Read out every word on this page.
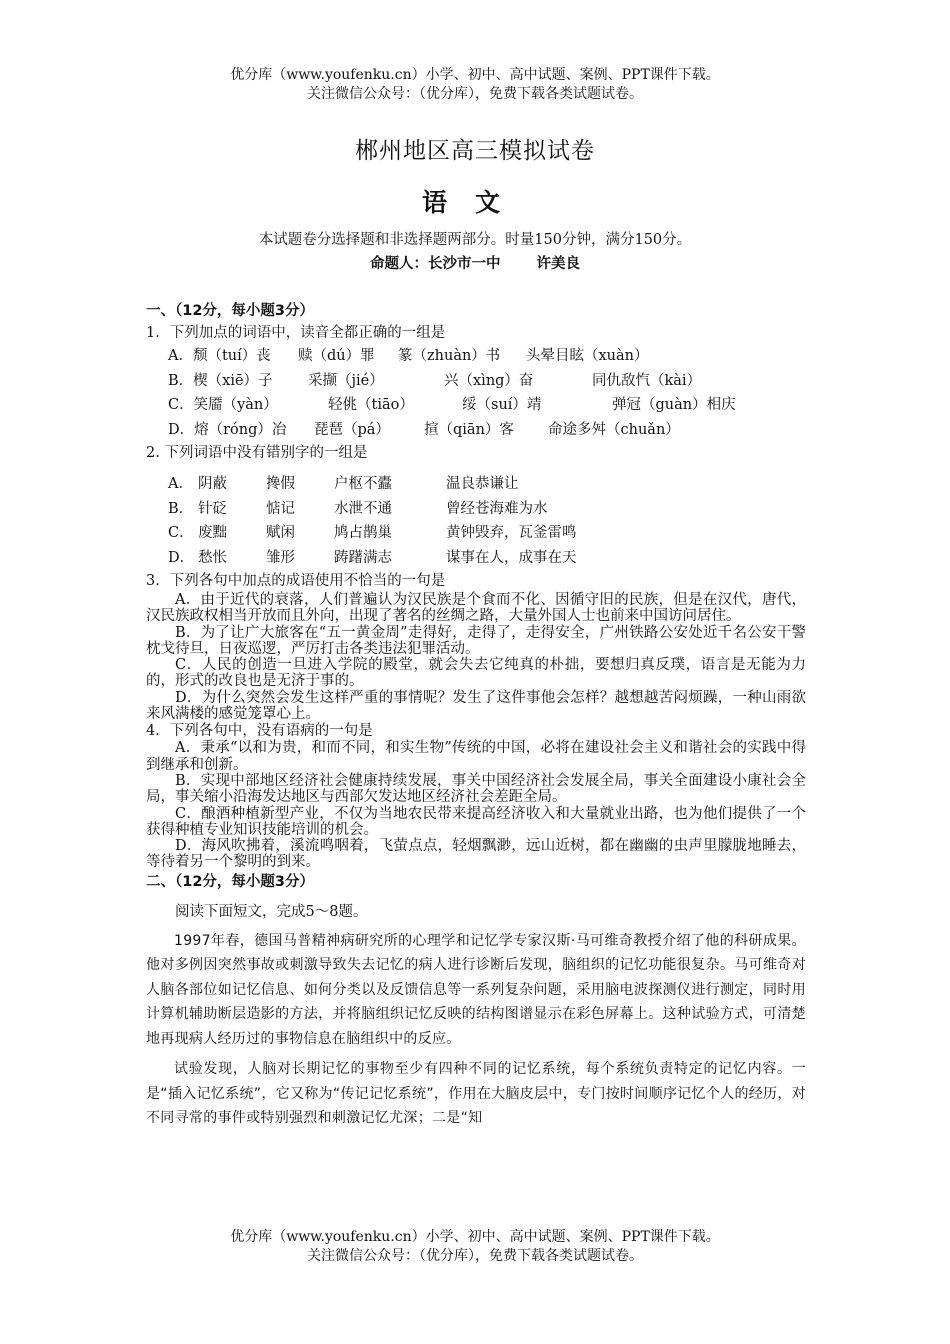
优分库（www.youfenku.cn）小学、初中、高中试题、案例、PPT课件下载。
关注微信公众号：（优分库），免费下载各类试题试卷。
郴州地区高三模拟试卷
语文
本试题卷分选择题和非选择题两部分。时量150分钟，满分150分。
命题人：长沙市一中 许美良
一、（12分，每小题3分）
1．下列加点的词语中，读音全都正确的一组是
A．颓（tuí）丧 赎（dú）罪 篆（zhuàn）书 头晕目眩（xuàn）
B．楔（xiē）子 采撷（jié）	兴（xìng）奋	同仇敌忾（kài）
C．笑靥（yàn）	轻佻（tiāo）	绥（suí）靖	弹冠（guàn）相庆
D．熔（róng）冶 琵琶（pá） 揎（qiān）客 命途多舛（chuǎn）
2. 下列词语中没有错别字的一组是
A． 阴蔽	搀假	户枢不蠹	温良恭谦让
B． 针砭	惦记	水泄不通	曾经苍海难为水
C． 废黜	赋闲	鸠占鹊巢	黄钟毁弃，瓦釜雷鸣
D． 愁怅	雏形	踌躇满志	谋事在人，成事在天
3．下列各句中加点的成语使用不恰当的一句是
A．由于近代的衰落，人们普遍认为汉民族是个食而不化、因循守旧的民族，但是在汉代，唐代，汉民族政权相当开放而且外向，出现了著名的丝绸之路，大量外国人士也前来中国访问居住。
B．为了让广大旅客在“五一黄金周”走得好，走得了，走得安全，广州铁路公安处近千名公安干警枕戈待旦，日夜巡逻，严厉打击各类违法犯罪活动。
C．人民的创造一旦进入学院的殿堂，就会失去它纯真的朴拙，要想归真反璞，语言是无能为力的，形式的改良也是无济于事的。
D．为什么突然会发生这样严重的事情呢？发生了这件事他会怎样？越想越苦闷烦躁，一种山雨欲来风满楼的感觉笼罩心上。
4．下列各句中，没有语病的一句是
A．秉承“以和为贵，和而不同，和实生物”传统的中国，必将在建设社会主义和谐社会的实践中得到继承和创新。
B．实现中部地区经济社会健康持续发展，事关中国经济社会发展全局，事关全面建设小康社会全局，事关缩小沿海发达地区与西部欠发达地区经济社会差距全局。
C．酿酒种植新型产业，不仅为当地农民带来提高经济收入和大量就业出路，也为他们提供了一个获得种植专业知识技能培训的机会。
D．海风吹拂着，溪流鸣咽着，飞萤点点，轻烟飘渺，远山近树，都在幽幽的虫声里朦胧地睡去，等待着另一个黎明的到来。
二、（12分，每小题3分）
阅读下面短文，完成5～8题。
1997年春，德国马普精神病研究所的心理学和记忆学专家汉斯·马可维奇教授介绍了他的科研成果。他对多例因突然事故或刺激导致失去记忆的病人进行诊断后发现，脑组织的记忆功能很复杂。马可维奇对人脑各部位如记忆信息、如何分类以及反馈信息等一系列复杂问题，采用脑电波探测仪进行测定，同时用计算机辅助断层造影的方法，并将脑组织记忆反映的结构图谱显示在彩色屏幕上。这种试验方式，可清楚地再现病人经历过的事物信息在脑组织中的反应。
试验发现，人脑对长期记忆的事物至少有四种不同的记忆系统，每个系统负责特定的记忆内容。一是“插入记忆系统”，它又称为“传记记忆系统”，作用在大脑皮层中，专门按时间顺序记忆个人的经历，对不同寻常的事件或特别强烈和刺激记忆尤深；二是“知
优分库（www.youfenku.cn）小学、初中、高中试题、案例、PPT课件下载。
关注微信公众号：（优分库），免费下载各类试题试卷。
